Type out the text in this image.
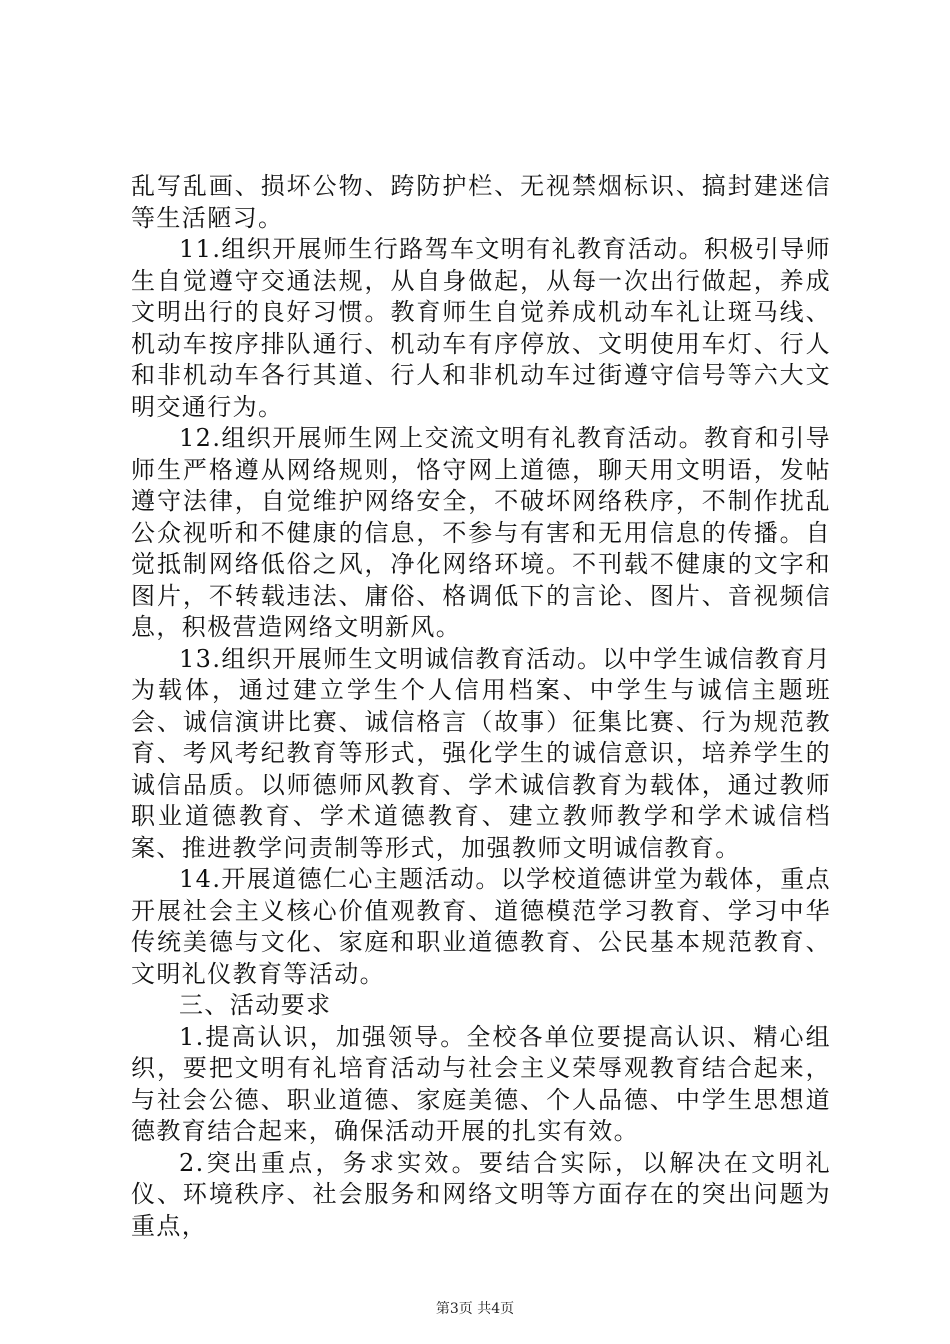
乱写乱画、损坏公物、跨防护栏、无视禁烟标识、搞封建迷信等生活陋习。

11.组织开展师生行路驾车文明有礼教育活动。积极引导师生自觉遵守交通法规，从自身做起，从每一次出行做起，养成文明出行的良好习惯。教育师生自觉养成机动车礼让斑马线、机动车按序排队通行、机动车有序停放、文明使用车灯、行人和非机动车各行其道、行人和非机动车过街遵守信号等六大文明交通行为。

12.组织开展师生网上交流文明有礼教育活动。教育和引导师生严格遵从网络规则，恪守网上道德，聊天用文明语，发帖遵守法律，自觉维护网络安全，不破坏网络秩序，不制作扰乱公众视听和不健康的信息，不参与有害和无用信息的传播。自觉抵制网络低俗之风，净化网络环境。不刊载不健康的文字和图片，不转载违法、庸俗、格调低下的言论、图片、音视频信息，积极营造网络文明新风。

13.组织开展师生文明诚信教育活动。以中学生诚信教育月为载体，通过建立学生个人信用档案、中学生与诚信主题班会、诚信演讲比赛、诚信格言（故事）征集比赛、行为规范教育、考风考纪教育等形式，强化学生的诚信意识，培养学生的诚信品质。以师德师风教育、学术诚信教育为载体，通过教师职业道德教育、学术道德教育、建立教师教学和学术诚信档案、推进教学问责制等形式，加强教师文明诚信教育。

14.开展道德仁心主题活动。以学校道德讲堂为载体，重点开展社会主义核心价值观教育、道德模范学习教育、学习中华传统美德与文化、家庭和职业道德教育、公民基本规范教育、文明礼仪教育等活动。

三、活动要求

1.提高认识，加强领导。全校各单位要提高认识、精心组织，要把文明有礼培育活动与社会主义荣辱观教育结合起来，与社会公德、职业道德、家庭美德、个人品德、中学生思想道德教育结合起来，确保活动开展的扎实有效。

2.突出重点，务求实效。要结合实际，以解决在文明礼仪、环境秩序、社会服务和网络文明等方面存在的突出问题为重点，

第3页 共4页
